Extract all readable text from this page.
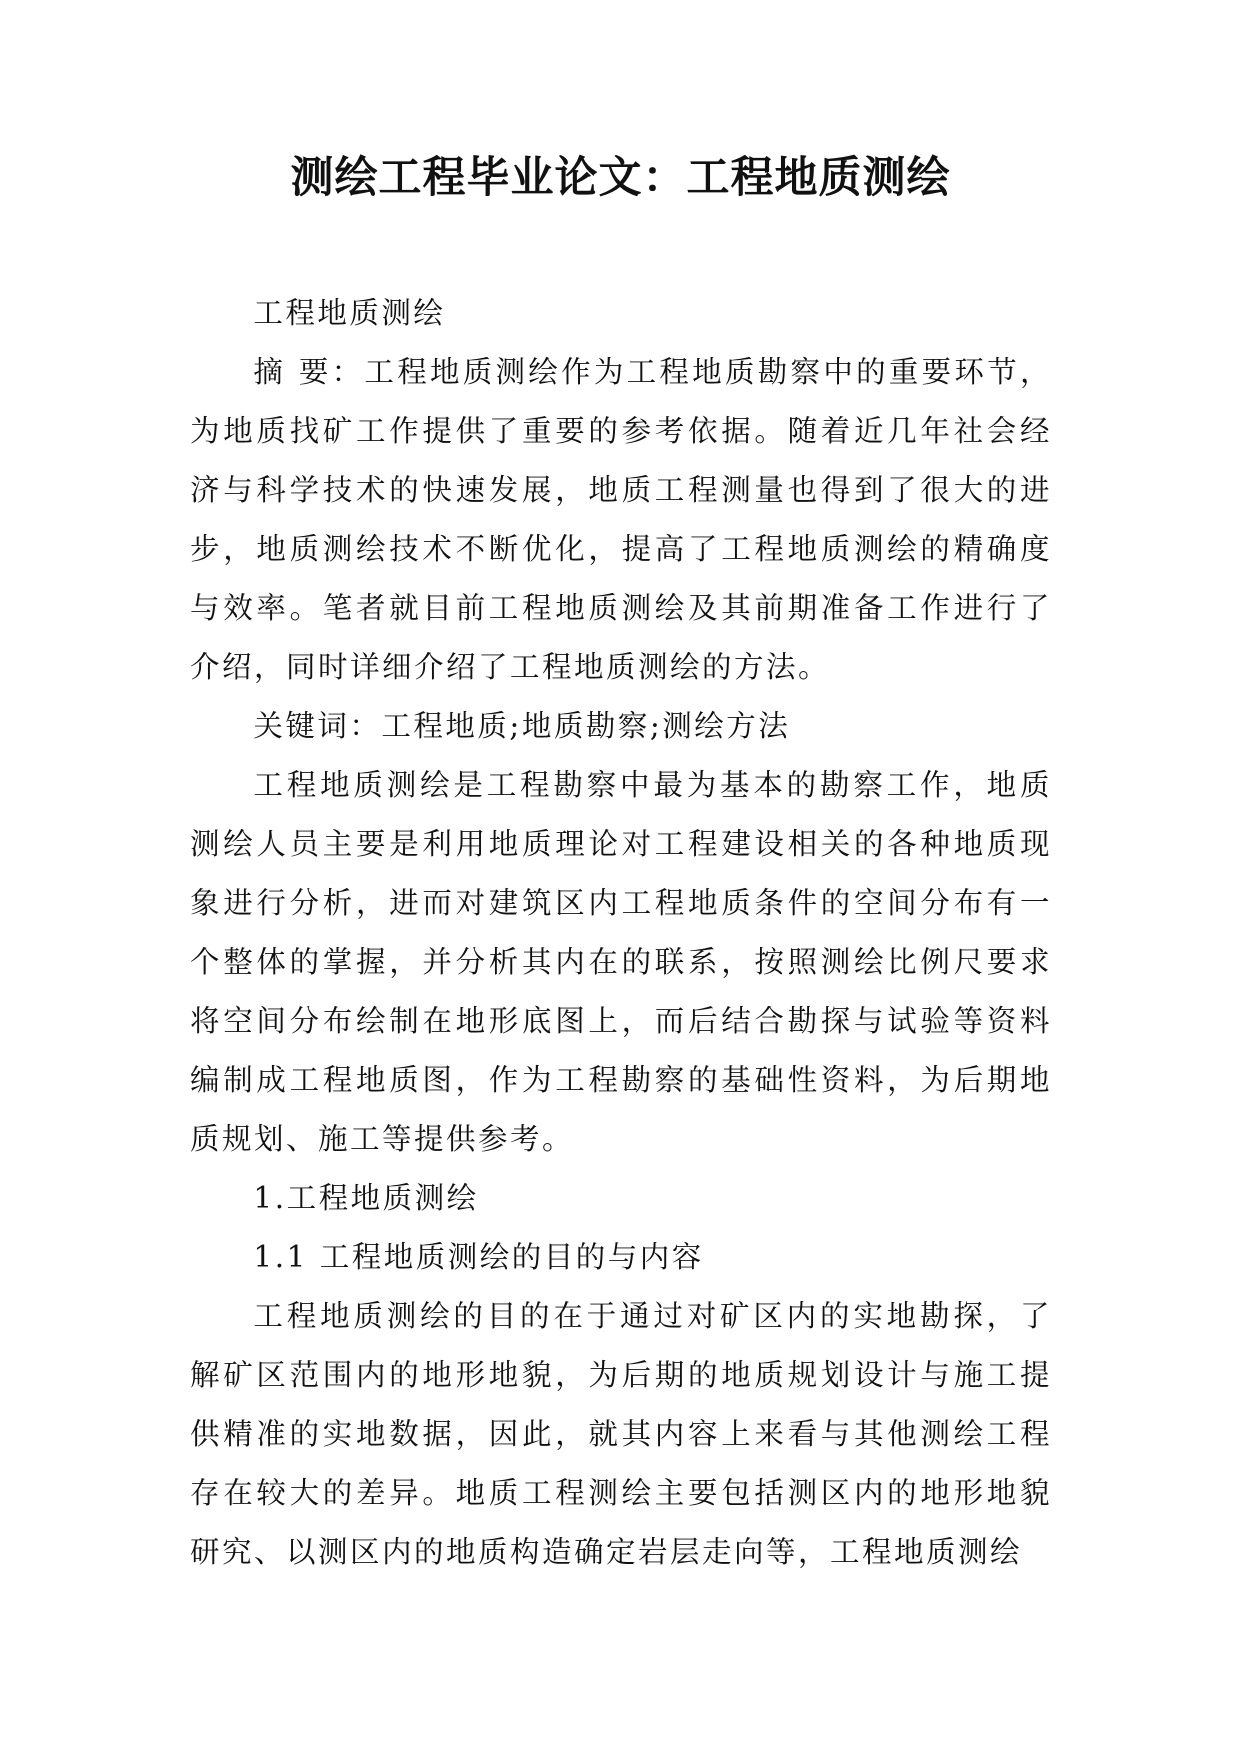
测绘工程毕业论文：工程地质测绘

工程地质测绘

摘 要：工程地质测绘作为工程地质勘察中的重要环节，为地质找矿工作提供了重要的参考依据。随着近几年社会经济与科学技术的快速发展，地质工程测量也得到了很大的进步，地质测绘技术不断优化，提高了工程地质测绘的精确度与效率。笔者就目前工程地质测绘及其前期准备工作进行了介绍，同时详细介绍了工程地质测绘的方法。

关键词：工程地质;地质勘察;测绘方法

工程地质测绘是工程勘察中最为基本的勘察工作，地质测绘人员主要是利用地质理论对工程建设相关的各种地质现象进行分析，进而对建筑区内工程地质条件的空间分布有一个整体的掌握，并分析其内在的联系，按照测绘比例尺要求将空间分布绘制在地形底图上，而后结合勘探与试验等资料编制成工程地质图，作为工程勘察的基础性资料，为后期地质规划、施工等提供参考。

1.工程地质测绘

1.1 工程地质测绘的目的与内容

工程地质测绘的目的在于通过对矿区内的实地勘探，了解矿区范围内的地形地貌，为后期的地质规划设计与施工提供精准的实地数据，因此，就其内容上来看与其他测绘工程存在较大的差异。地质工程测绘主要包括测区内的地形地貌研究、以测区内的地质构造确定岩层走向等，工程地质测绘
